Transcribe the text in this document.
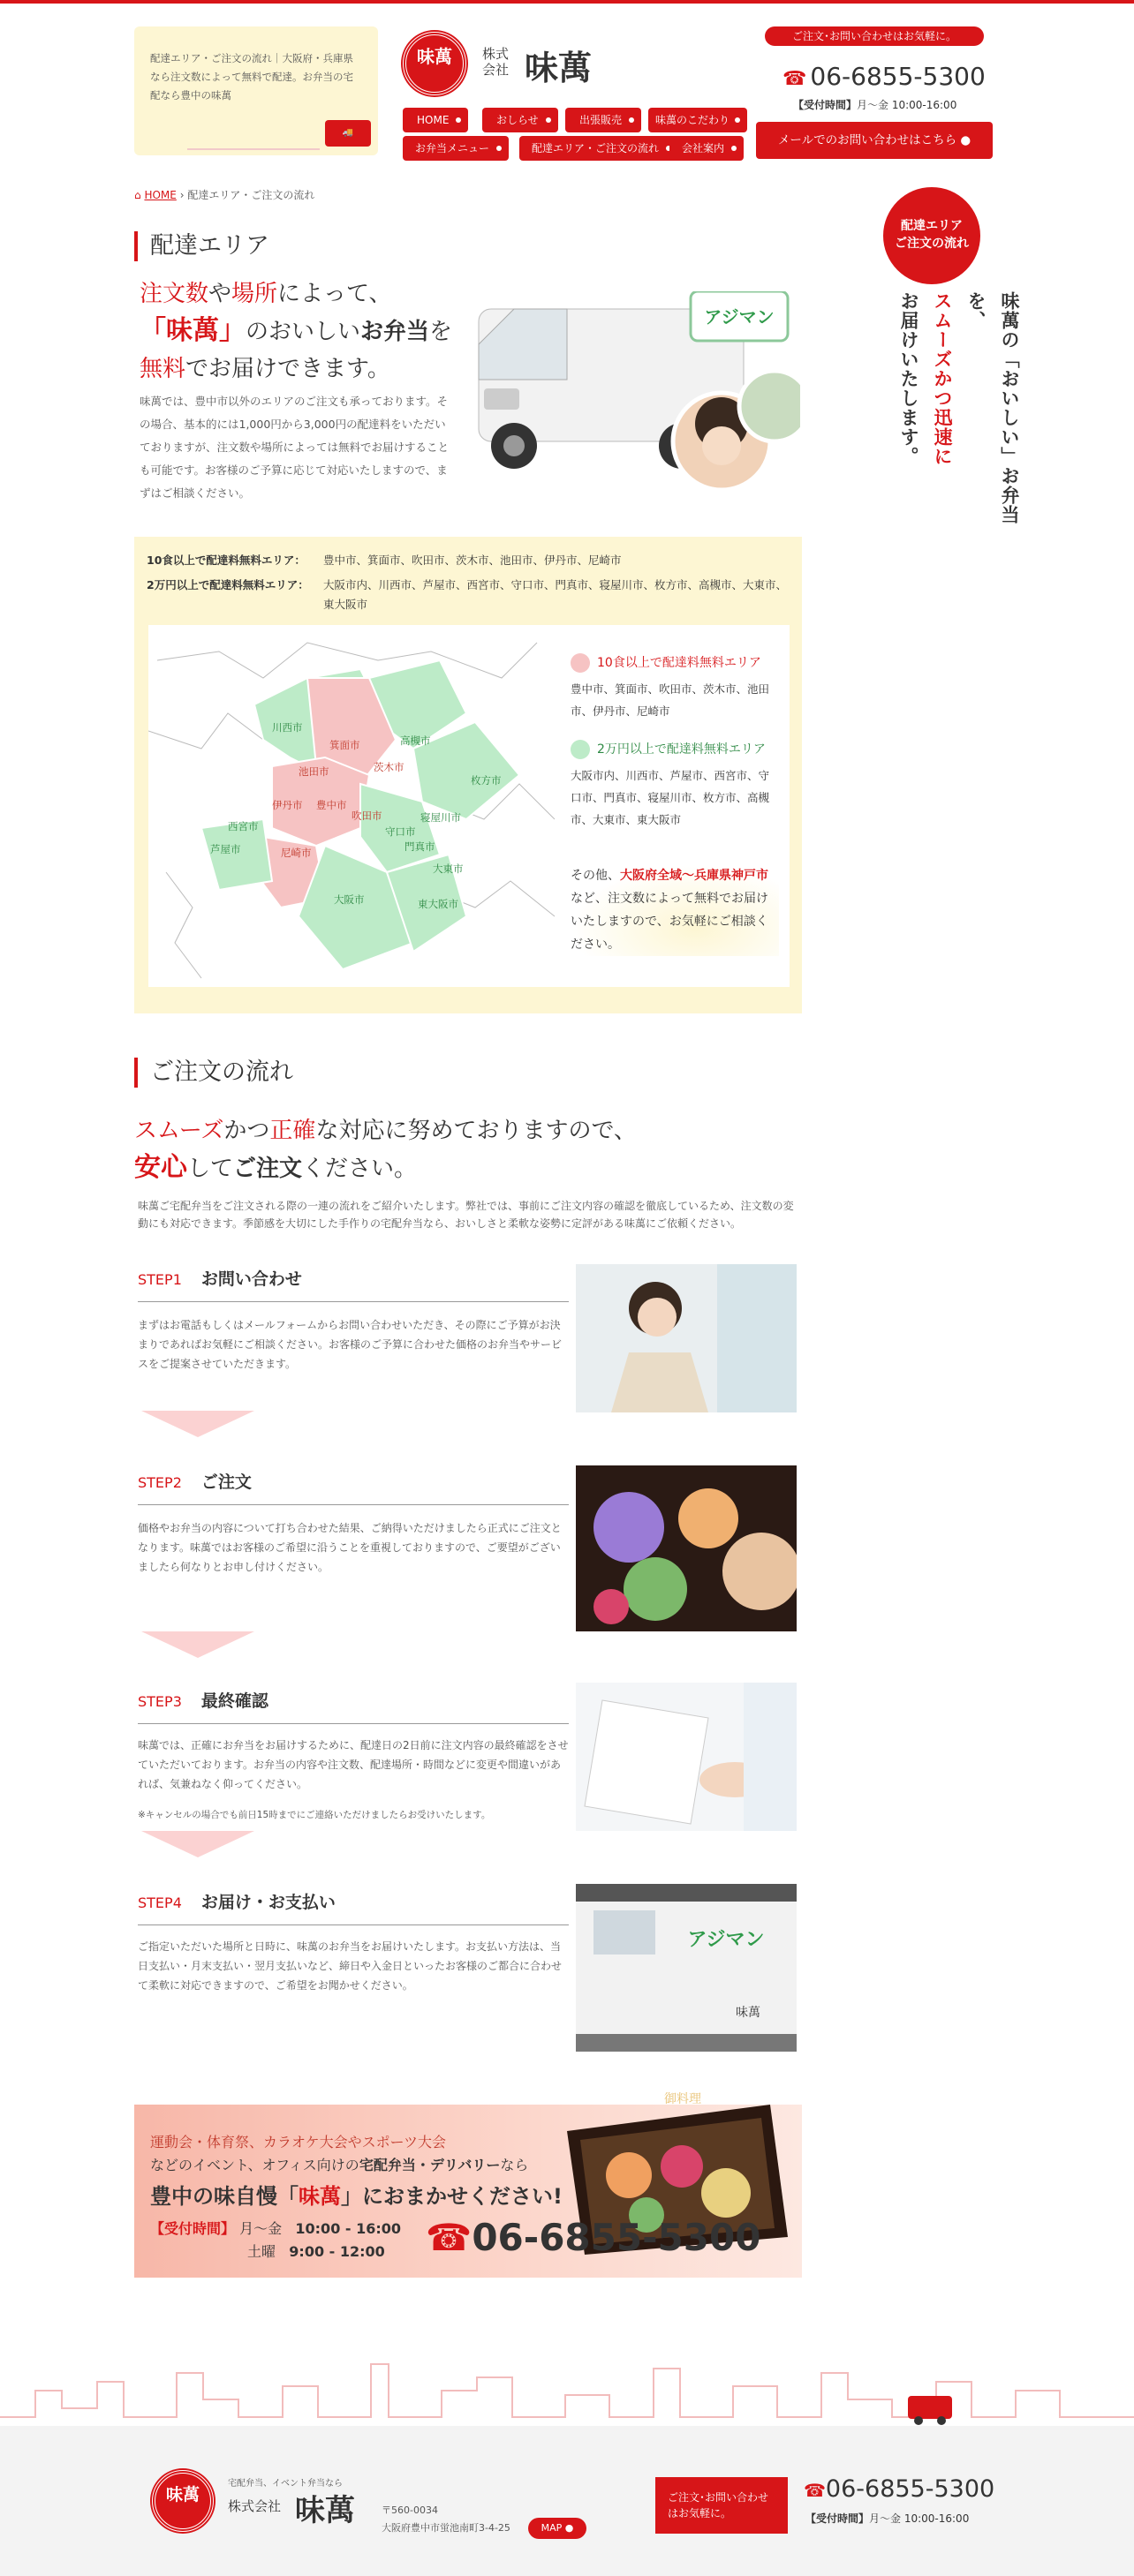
配達エリア・ご注文の流れ｜大阪府・兵庫県なら注文数によって無料で配達。お弁当の宅配なら豊中の味萬

🚚
味萬	株式会社 味萬
HOME	おしらせ	出張販売	味萬のこだわり
お弁当メニュー	配達エリア・ご注文の流れ	会社案内
ご注文･お問い合わせはお気軽に。
☎ 06-6855-5300
【受付時間】月～金 10:00-16:00
メールでのお問い合わせはこちら ●
⌂ HOME › 配達エリア・ご注文の流れ
配達エリア
ご注文の流れ
味萬の「おいしい」お弁当を、
スムーズかつ迅速に
お届けいたします。
配達エリア
注文数や場所によって、
「味萬」のおいしいお弁当を
無料でお届けできます。

味萬では、豊中市以外のエリアのご注文も承っております。その場合、基本的には1,000円から3,000円の配達料をいただいておりますが、注文数や場所によっては無料でお届けすることも可能です。お客様のご予算に応じて対応いたしますので、まずはご相談ください。

アジマン
10食以上で配達料無料エリア： 豊中市、箕面市、吹田市、茨木市、池田市、伊丹市、尼崎市
2万円以上で配達料無料エリア：	大阪市内、川西市、芦屋市、西宮市、守口市、門真市、寝屋川市、枚方市、高槻市、大東市、東大阪市
川西市
高槻市
枚方市
西宮市
寝屋川市
守口市
芦屋市	門真市
大東市
大阪市	東大阪市
箕面市
池田市	茨木市
伊丹市 豊中市
吹田市
尼崎市
10食以上で配達料無料エリア

豊中市、箕面市、吹田市、茨木市、池田市、伊丹市、尼崎市

2万円以上で配達料無料エリア

大阪市内、川西市、芦屋市、西宮市、守口市、門真市、寝屋川市、枚方市、高槻市、大東市、東大阪市

その他、大阪府全域～兵庫県神戸市など、注文数によって無料でお届けいたしますので、お気軽にご相談ください。

ご注文の流れ
スムーズかつ正確な対応に努めておりますので、
安心してご注文ください。

味萬ご宅配弁当をご注文される際の一連の流れをご紹介いたします。弊社では、事前にご注文内容の確認を徹底しているため、注文数の変動にも対応できます。季節感を大切にした手作りの宅配弁当なら、おいしさと柔軟な姿勢に定評がある味萬にご依頼ください。

STEP1 お問い合わせ

まずはお電話もしくはメールフォームからお問い合わせいただき、その際にご予算がお決まりであればお気軽にご相談ください。お客様のご予算に合わせた価格のお弁当やサービスをご提案させていただきます。

STEP2 ご注文

価格やお弁当の内容について打ち合わせた結果、ご納得いただけましたら正式にご注文となります。味萬ではお客様のご希望に沿うことを重視しておりますので、ご要望がございましたら何なりとお申し付けください。

STEP3 最終確認

味萬では、正確にお弁当をお届けするために、配達日の2日前に注文内容の最終確認をさせていただいております。お弁当の内容や注文数、配達場所・時間などに変更や間違いがあれば、気兼ねなく仰ってください。

※キャンセルの場合でも前日15時までにご連絡いただけましたらお受けいたします。

STEP4 お届け・お支払い

ご指定いただいた場所と日時に、味萬のお弁当をお届けいたします。お支払い方法は、当日支払い・月末支払い・翌月支払いなど、締日や入金日といったお客様のご都合に合わせて柔軟に対応できますので、ご希望をお聞かせください。

アジマン
味萬
御料理
運動会・体育祭、カラオケ大会やスポーツ大会
などのイベント、オフィス向けの宅配弁当・デリバリーなら
豊中の味自慢「味萬」におまかせください!
【受付時間】 月～金 10:00 - 16:00
土曜 9:00 - 12:00	☎06-6855-5300
味萬
宅配弁当、イベント弁当なら
株式会社 味萬	〒560-0034
大阪府豊中市蛍池南町3-4-25	MAP ●
ご注文･お問い合わせはお気軽に。
☎06-6855-5300
【受付時間】月～金 10:00-16:00
